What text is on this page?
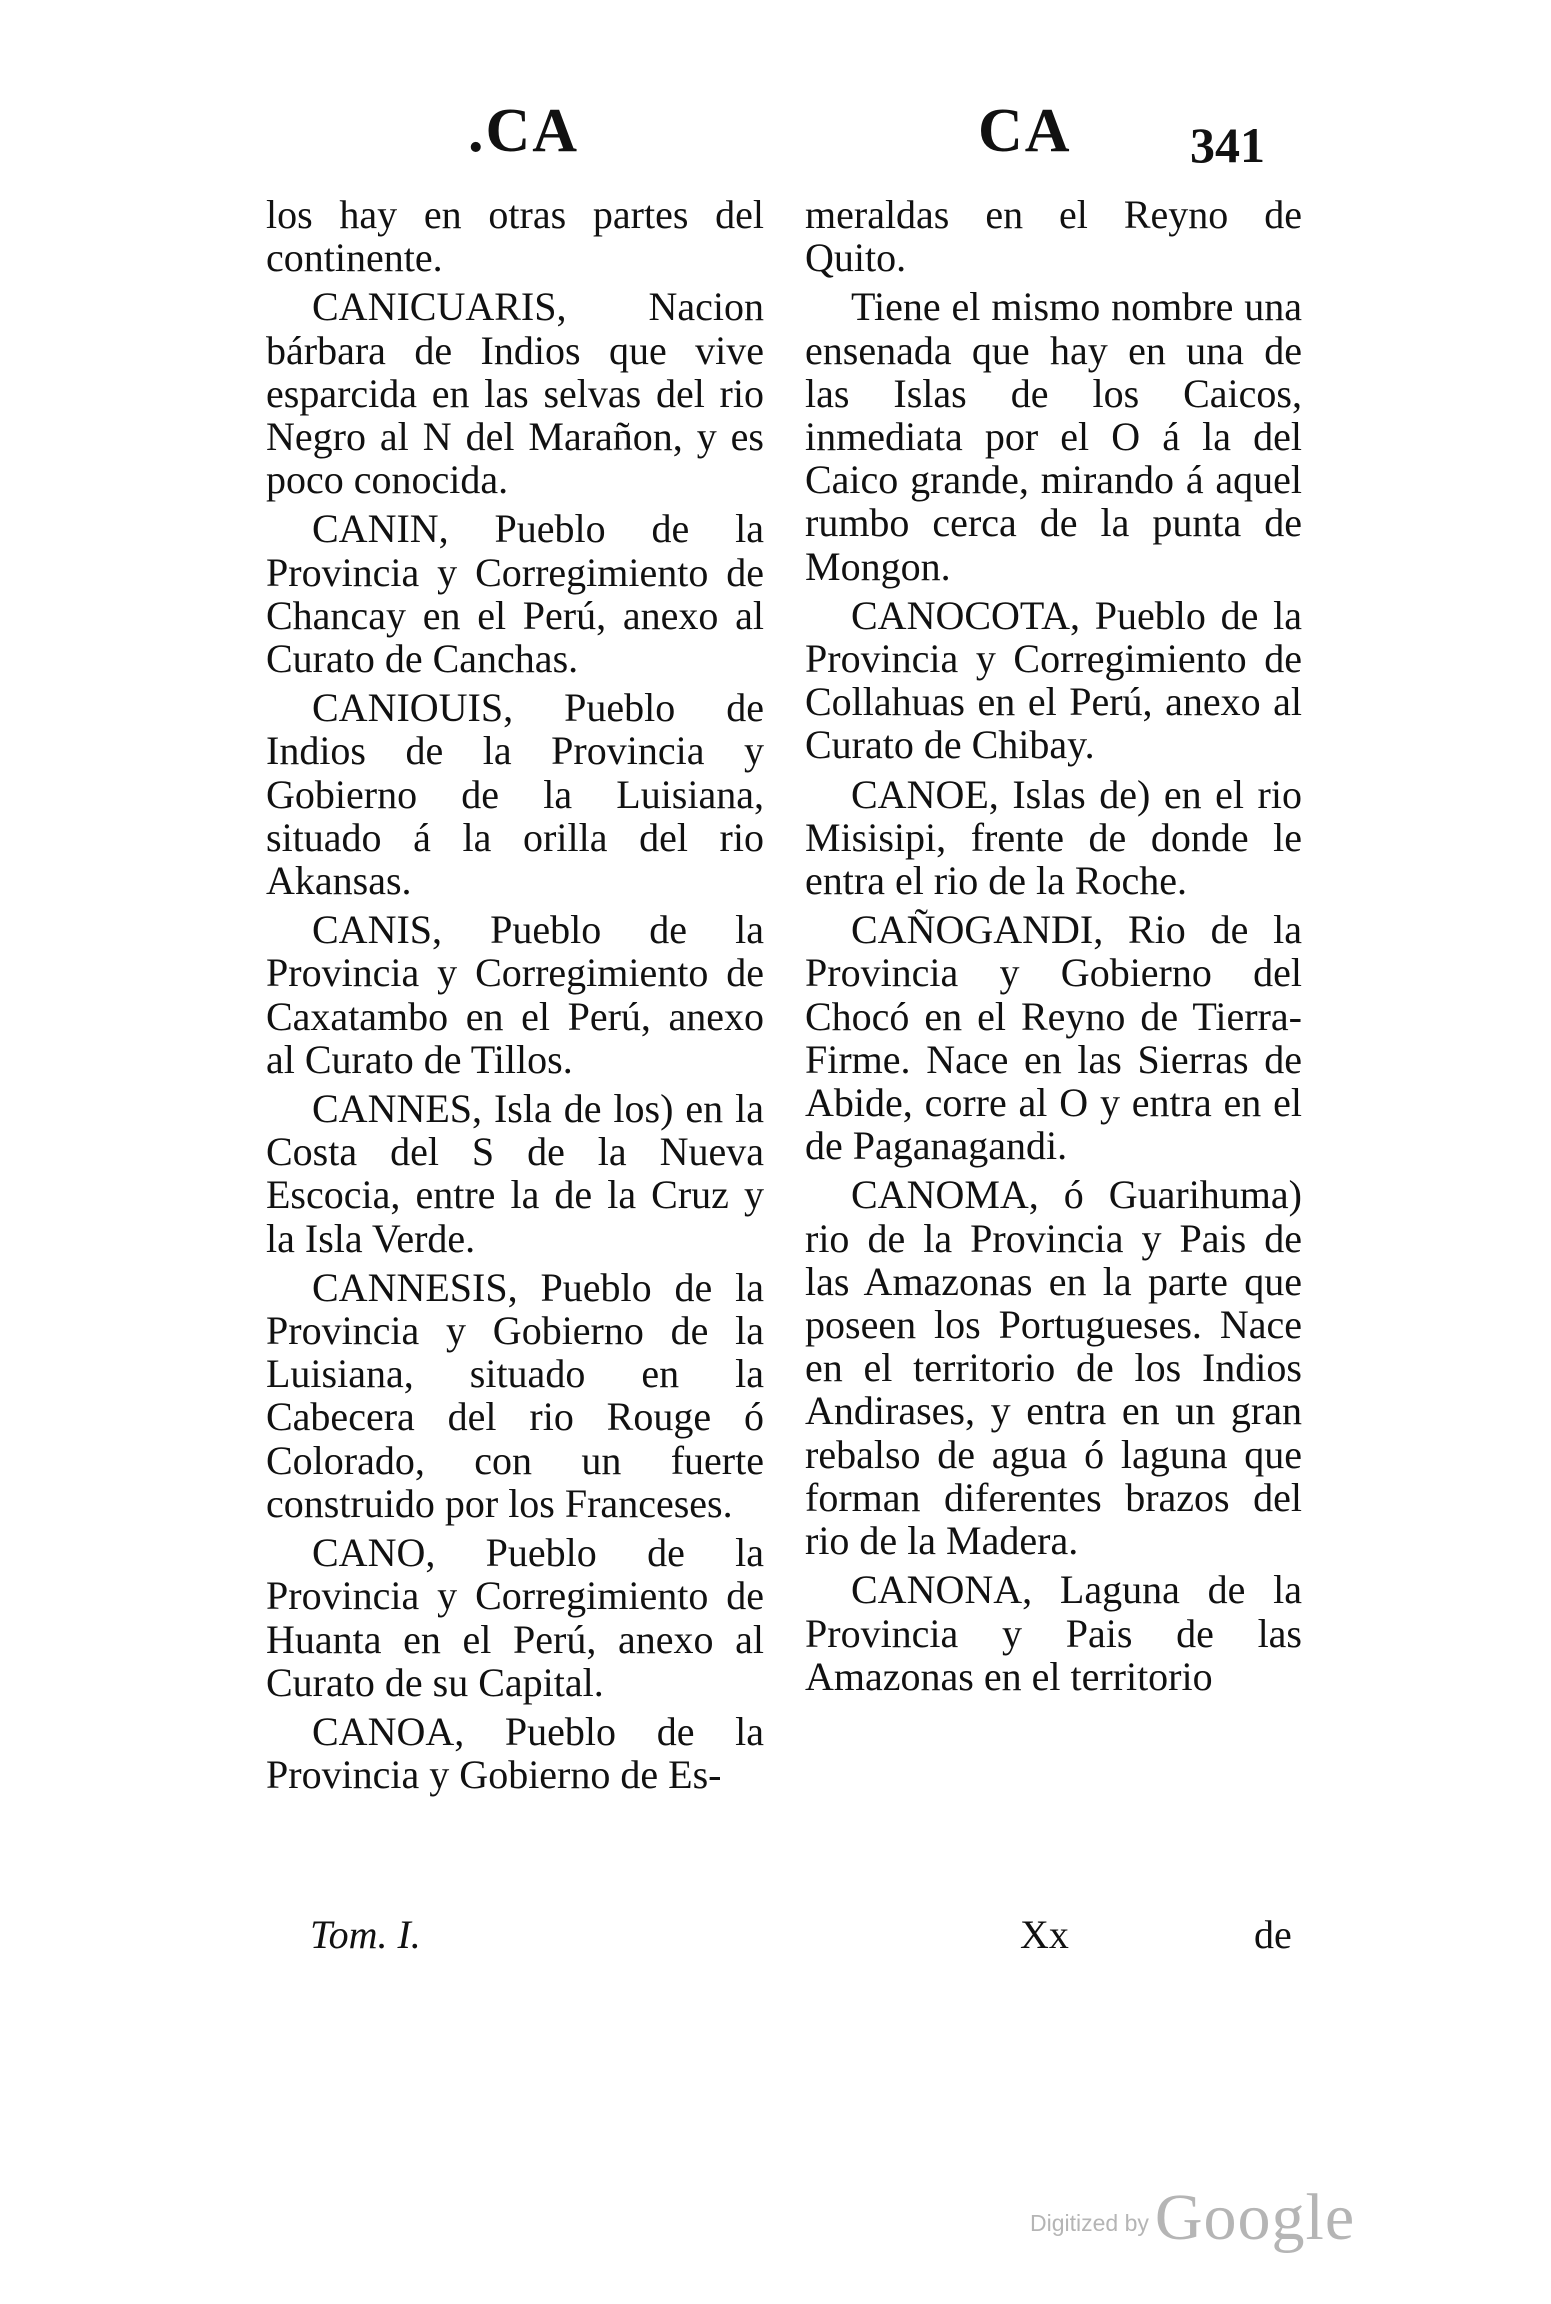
.CA	CA 341

los hay en otras partes del continente.

CANICUARIS, Nacion bárbara de Indios que vive esparcida en las selvas del rio Negro al N del Marañon, y es poco conocida.

CANIN, Pueblo de la Provincia y Corregimiento de Chancay en el Perú, anexo al Curato de Canchas.

CANIOUIS, Pueblo de Indios de la Provincia y Gobierno de la Luisiana, situado á la orilla del rio Akansas.

CANIS, Pueblo de la Provincia y Corregimiento de Caxatambo en el Perú, anexo al Curato de Tillos.

CANNES, Isla de los) en la Costa del S de la Nueva Escocia, entre la de la Cruz y la Isla Verde.

CANNESIS, Pueblo de la Provincia y Gobierno de la Luisiana, situado en la Cabecera del rio Rouge ó Colorado, con un fuerte construido por los Franceses.

CANO, Pueblo de la Provincia y Corregimiento de Huanta en el Perú, anexo al Curato de su Capital.

CANOA, Pueblo de la Provincia y Gobierno de Es-

meraldas en el Reyno de Quito.

Tiene el mismo nombre una ensenada que hay en una de las Islas de los Caicos, inmediata por el O á la del Caico grande, mirando á aquel rumbo cerca de la punta de Mongon.

CANOCOTA, Pueblo de la Provincia y Corregimiento de Collahuas en el Perú, anexo al Curato de Chibay.

CANOE, Islas de) en el rio Misisipi, frente de donde le entra el rio de la Roche.

CAÑOGANDI, Rio de la Provincia y Gobierno del Chocó en el Reyno de Tierra-Firme. Nace en las Sierras de Abide, corre al O y entra en el de Paganagandi.

CANOMA, ó Guarihuma) rio de la Provincia y Pais de las Amazonas en la parte que poseen los Portugueses. Nace en el territorio de los Indios Andirases, y entra en un gran rebalso de agua ó laguna que forman diferentes brazos del rio de la Madera.

CANONA, Laguna de la Provincia y Pais de las Amazonas en el territorio

Tom. I.	Xx	de
Digitized byGoogle
